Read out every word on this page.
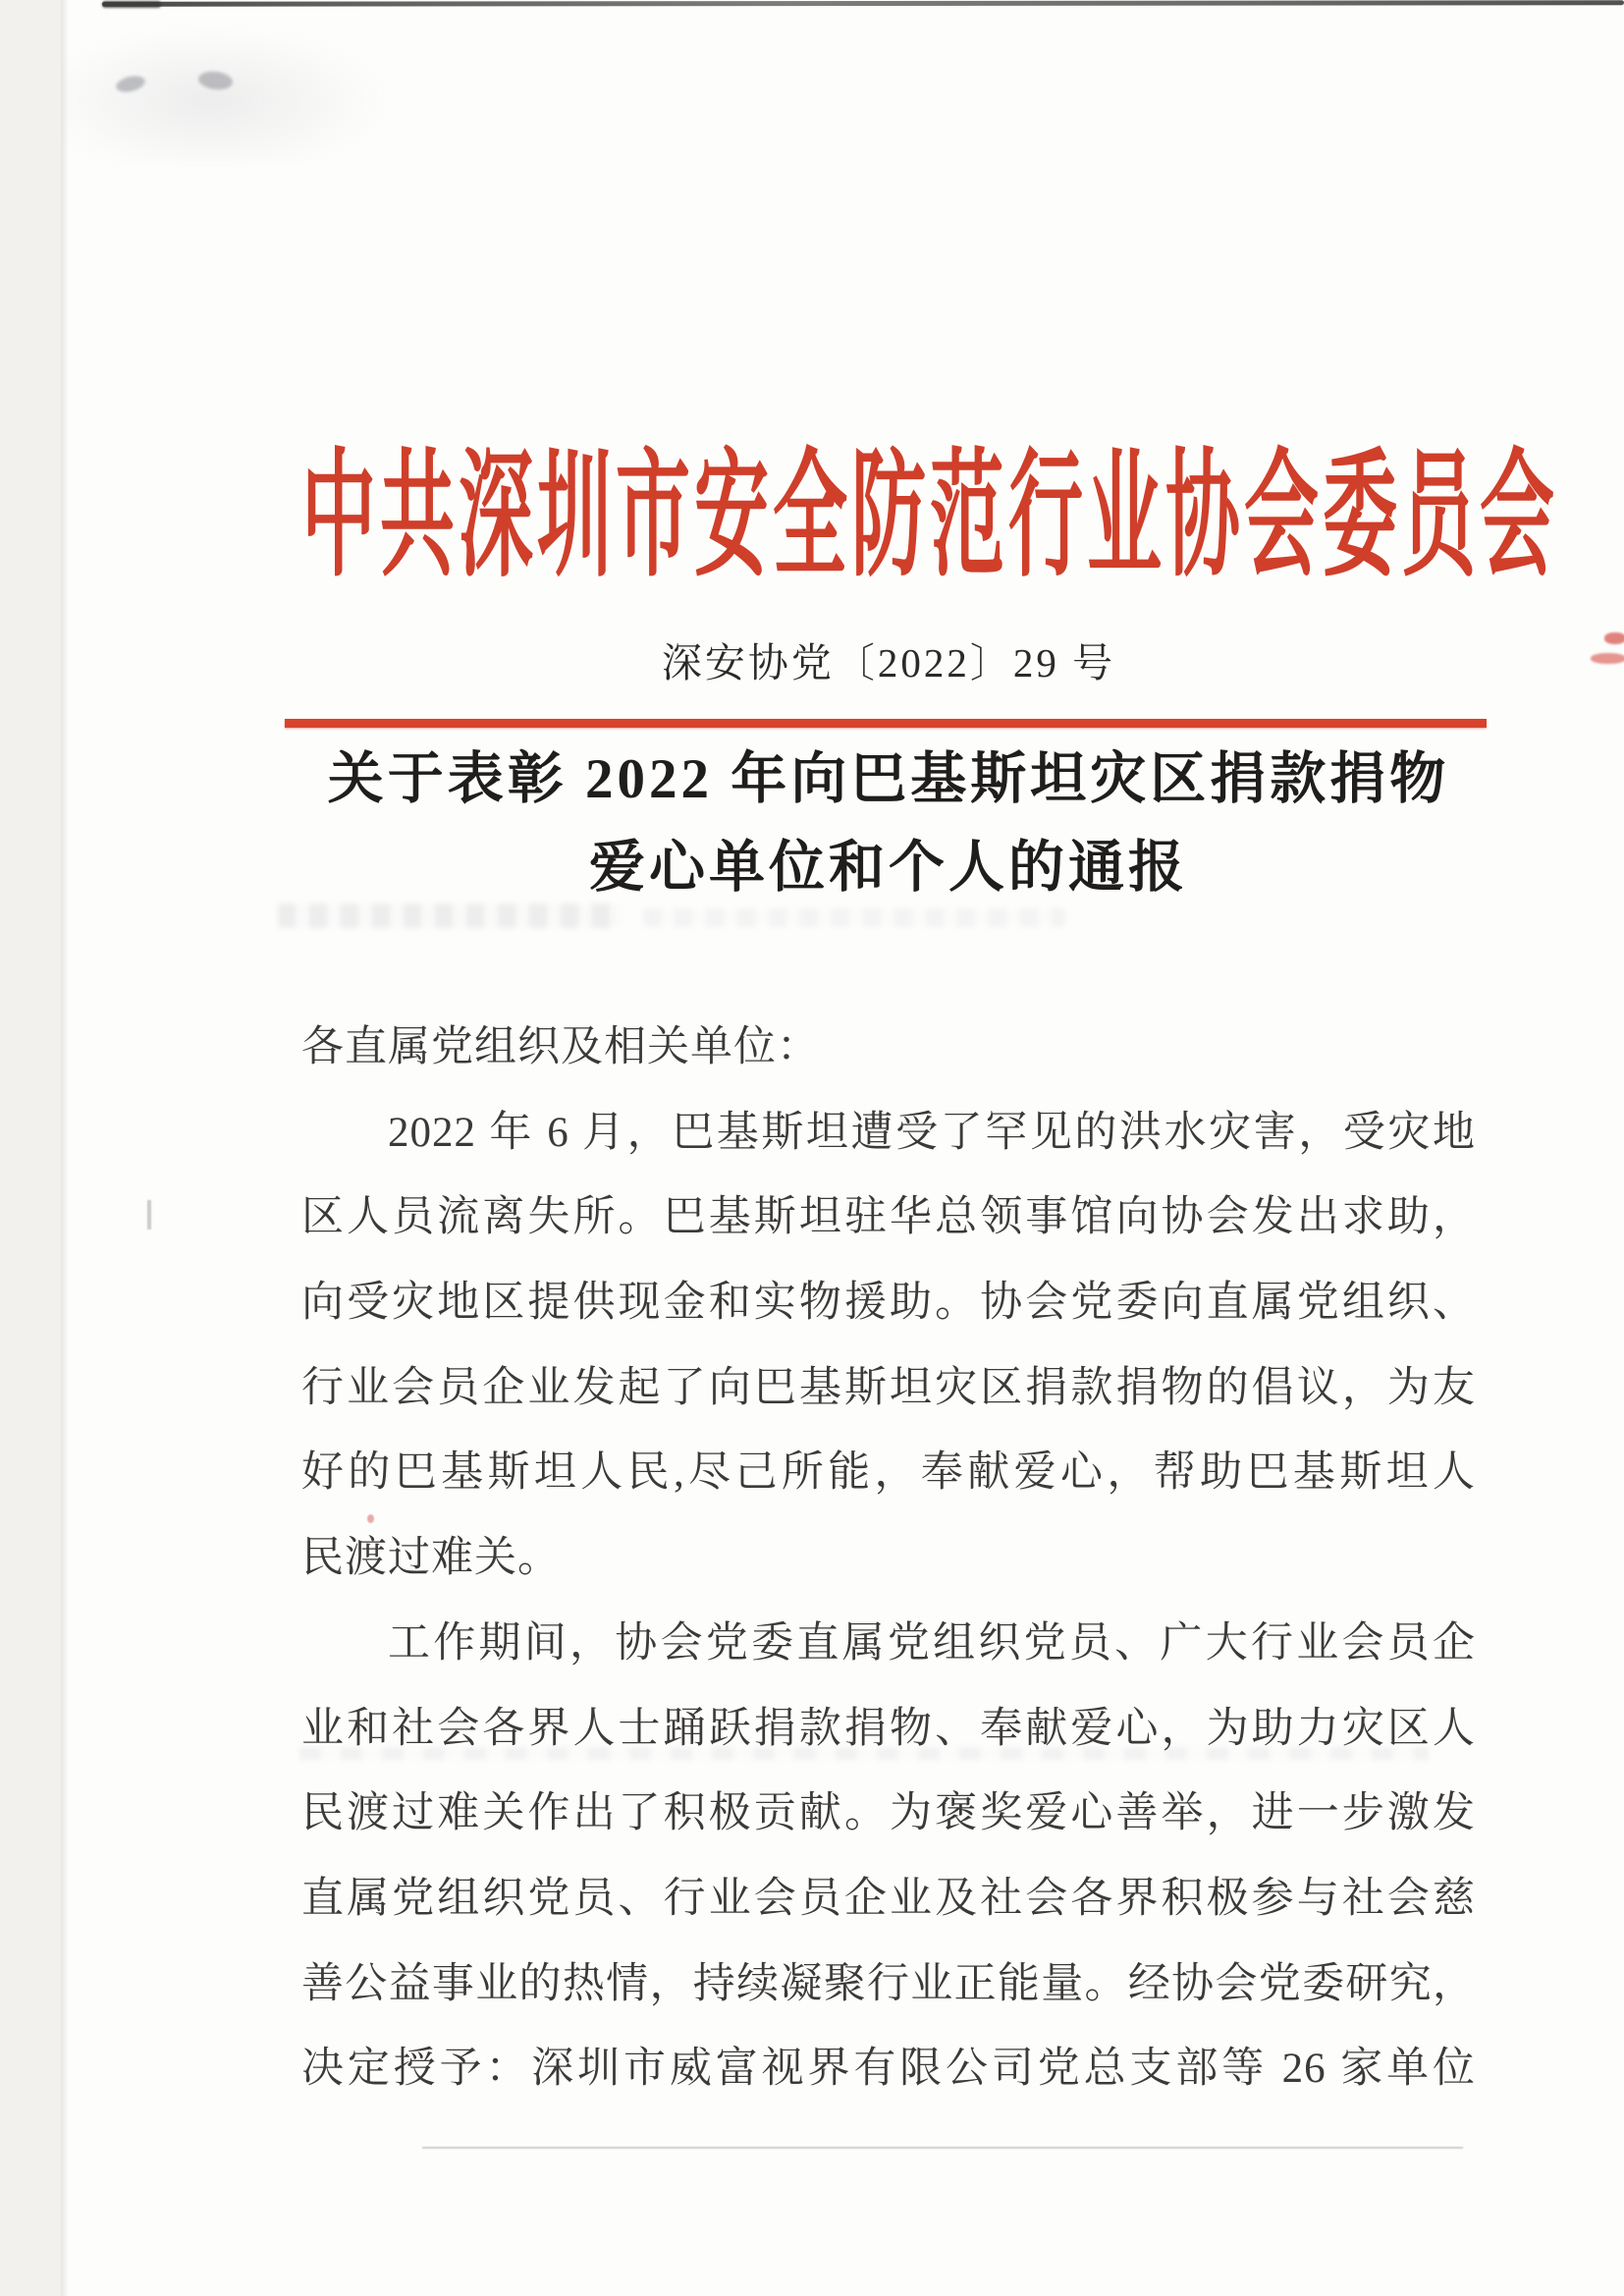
中共深圳市安全防范行业协会委员会
深安协党〔2022〕29 号
关于表彰 2022 年向巴基斯坦灾区捐款捐物
爱心单位和个人的通报
各直属党组织及相关单位：
2022 年 6 月，巴基斯坦遭受了罕见的洪水灾害，受灾地
区人员流离失所。巴基斯坦驻华总领事馆向协会发出求助，
向受灾地区提供现金和实物援助。协会党委向直属党组织、
行业会员企业发起了向巴基斯坦灾区捐款捐物的倡议，为友
好的巴基斯坦人民,尽己所能，奉献爱心，帮助巴基斯坦人
民渡过难关。
工作期间，协会党委直属党组织党员、广大行业会员企
业和社会各界人士踊跃捐款捐物、奉献爱心，为助力灾区人
民渡过难关作出了积极贡献。为褒奖爱心善举，进一步激发
直属党组织党员、行业会员企业及社会各界积极参与社会慈
善公益事业的热情，持续凝聚行业正能量。经协会党委研究，
决定授予：深圳市威富视界有限公司党总支部等 26 家单位
